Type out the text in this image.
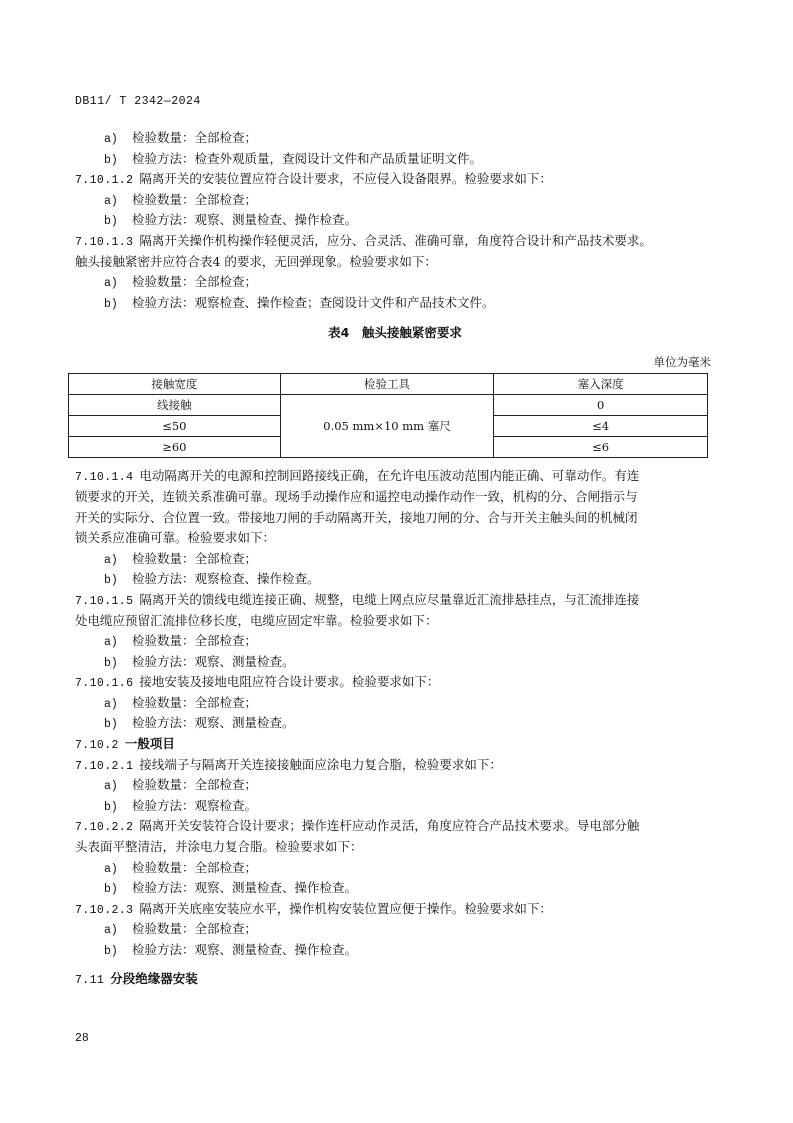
DB11/ T 2342—2024
a) 检验数量：全部检查；
b) 检验方法：检查外观质量，查阅设计文件和产品质量证明文件。
7.10.1.2 隔离开关的安装位置应符合设计要求，不应侵入设备限界。检验要求如下：
a) 检验数量：全部检查；
b) 检验方法：观察、测量检查、操作检查。
7.10.1.3 隔离开关操作机构操作轻便灵活，应分、合灵活、准确可靠，角度符合设计和产品技术要求。
触头接触紧密并应符合表4 的要求，无回弹现象。检验要求如下：
a) 检验数量：全部检查；
b) 检验方法：观察检查、操作检查；查阅设计文件和产品技术文件。
表4　触头接触紧密要求
单位为毫米
接触宽度	检验工具	塞入深度
线接触	0.05 mm×10 mm 塞尺	0
≤50		≤4
≥60		≤6
7.10.1.4 电动隔离开关的电源和控制回路接线正确，在允许电压波动范围内能正确、可靠动作。有连
锁要求的开关，连锁关系准确可靠。现场手动操作应和遥控电动操作动作一致，机构的分、合闸指示与
开关的实际分、合位置一致。带接地刀闸的手动隔离开关，接地刀闸的分、合与开关主触头间的机械闭
锁关系应准确可靠。检验要求如下：
a) 检验数量：全部检查；
b) 检验方法：观察检查、操作检查。
7.10.1.5 隔离开关的馈线电缆连接正确、规整，电缆上网点应尽量靠近汇流排悬挂点，与汇流排连接
处电缆应预留汇流排位移长度，电缆应固定牢靠。检验要求如下：
a) 检验数量：全部检查；
b) 检验方法：观察、测量检查。
7.10.1.6 接地安装及接地电阻应符合设计要求。检验要求如下：
a) 检验数量：全部检查；
b) 检验方法：观察、测量检查。
7.10.2 一般项目
7.10.2.1 接线端子与隔离开关连接接触面应涂电力复合脂，检验要求如下：
a) 检验数量：全部检查；
b) 检验方法：观察检查。
7.10.2.2 隔离开关安装符合设计要求；操作连杆应动作灵活，角度应符合产品技术要求。导电部分触
头表面平整清洁，并涂电力复合脂。检验要求如下：
a) 检验数量：全部检查；
b) 检验方法：观察、测量检查、操作检查。
7.10.2.3 隔离开关底座安装应水平，操作机构安装位置应便于操作。检验要求如下：
a) 检验数量：全部检查；
b) 检验方法：观察、测量检查、操作检查。
7.11 分段绝缘器安装
28
